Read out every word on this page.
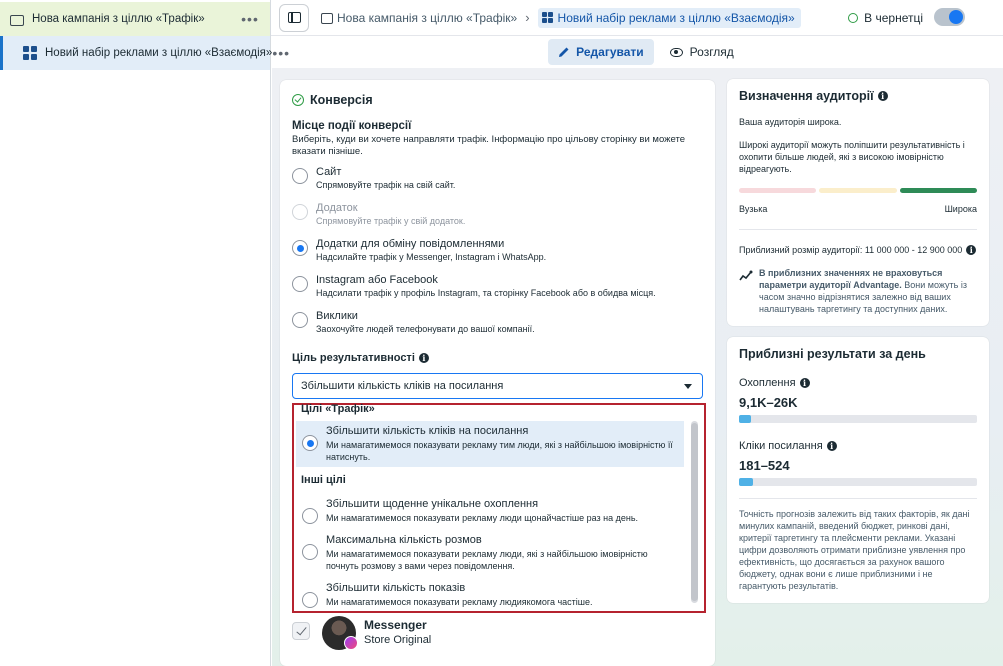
Нова кампанія з ціллю «Трафік»	•••
Новий набір реклами з ціллю «Взаємодія» •••
Нова кампанія з ціллю «Трафік» › Новий набір реклами з ціллю «Взаємодія»	В чернетці
Редагувати	Розгляд
Конверсія
Місце події конверсії
Виберіть, куди ви хочете направляти трафік. Інформацію про цільову сторінку ви можете вказати пізніше.
Сайт
Спрямовуйте трафік на свій сайт.
Додаток
Спрямовуйте трафік у свій додаток.
Додатки для обміну повідомленнями
Надсилайте трафік у Messenger, Instagram і WhatsApp.
Instagram або Facebook
Надсилати трафік у профіль Instagram, та сторінку Facebook або в обидва місця.
Виклики
Заохочуйте людей телефонувати до вашої компанії.
Ціль результативності i
Збільшити кількість кліків на посилання
Цілі «Трафік»
Збільшити кількість кліків на посилання
Ми намагатимемося показувати рекламу тим люди, які з найбільшою імовірністю її натиснуть.
Інші цілі
Збільшити щоденне унікальне охоплення
Ми намагатимемося показувати рекламу люди щонайчастіше раз на день.
Максимальна кількість розмов
Ми намагатимемося показувати рекламу люди, які з найбільшою імовірністю почнуть розмову з вами через повідомлення.
Збільшити кількість показів
Ми намагатимемося показувати рекламу людиякомога частіше.
Messenger
Store Original
Визначення аудиторії i
Ваша аудиторія широка.
Широкі аудиторії можуть поліпшити результативність і охопити більше людей, які з високою імовірністю відреагують.
Вузька	Широка
Приблизний розмір аудиторії: 11 000 000 - 12 900 000 i
В приблизних значеннях не враховуться параметри аудиторії Advantage. Вони можуть із часом значно відрізнятися залежно від ваших налаштувань таргетингу та доступних даних.
Приблизні результати за день
Охоплення i
9,1K–26K
Кліки посилання i
181–524
Точність прогнозів залежить від таких факторів, як дані минулих кампаній, введений бюджет, ринкові дані, критерії таргетингу та плейсменти реклами. Указані цифри дозволяють отримати приблизне уявлення про ефективність, що досягається за рахунок вашого бюджету, однак вони є лише приблизними і не гарантують результатів.
